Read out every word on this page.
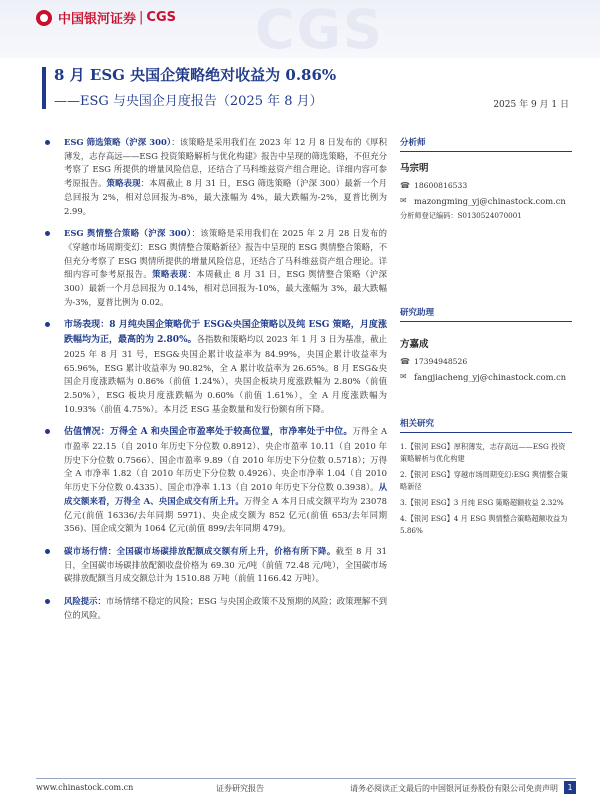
CGS
中国银河证券 | CGS
8 月 ESG 央国企策略绝对收益为 0.86%
——ESG 与央国企月度报告（2025 年 8 月）	2025 年 9 月 1 日
ESG 筛选策略（沪深 300）：该策略是采用我们在 2023 年 12 月 8 日发布的《厚积薄发，志存高远——ESG 投资策略解析与优化构建》报告中呈现的筛选策略，不但充分考察了 ESG 所提供的增量风险信息，还结合了马科维兹资产组合理论。详细内容可参考原报告。策略表现：本周截止 8 月 31 日，ESG 筛选策略（沪深 300）最新一个月总回报为 2%，相对总回报为-8%，最大涨幅为 4%，最大跌幅为-2%，夏普比例为 2.99。
ESG 舆情整合策略（沪深 300）：该策略是采用我们在 2025 年 2 月 28 日发布的《穿越市场周期变幻：ESG 舆情整合策略新径》报告中呈现的 ESG 舆情整合策略，不但充分考察了 ESG 舆情所提供的增量风险信息，还结合了马科维兹资产组合理论。详细内容可参考原报告。策略表现：本周截止 8 月 31 日，ESG 舆情整合策略（沪深 300）最新一个月总回报为 0.14%，相对总回报为-10%，最大涨幅为 3%，最大跌幅为-3%，夏普比例为 0.02。
市场表现：8 月纯央国企策略优于 ESG&央国企策略以及纯 ESG 策略，月度涨跌幅均为正，最高的为 2.80%。各指数和策略均以 2023 年 1 月 3 日为基准，截止 2025 年 8 月 31 号，ESG&央国企累计收益率为 84.99%，央国企累计收益率为 65.96%，ESG 累计收益率为 90.82%，全 A 累计收益率为 26.65%。8 月 ESG&央国企月度涨跌幅为 0.86%（前值 1.24%），央国企板块月度涨跌幅为 2.80%（前值 2.50%），ESG 板块月度涨跌幅为 0.60%（前值 1.61%），全 A 月度涨跌幅为 10.93%（前值 4.75%）。本月泛 ESG 基金数量和发行份额有所下降。
估值情况：万得全 A 和央国企市盈率处于较高位置，市净率处于中位。万得全 A 市盈率 22.15（自 2010 年历史下分位数 0.8912）、央企市盈率 10.11（自 2010 年历史下分位数 0.7566）、国企市盈率 9.89（自 2010 年历史下分位数 0.5718）；万得全 A 市净率 1.82（自 2010 年历史下分位数 0.4926）、央企市净率 1.04（自 2010 年历史下分位数 0.4335）、国企市净率 1.13（自 2010 年历史下分位数 0.3938）。从成交额来看，万得全 A、央国企成交有所上升。万得全 A 本月日成交额平均为 23078 亿元(前值 16336/去年同期 5971)、央企成交额为 852 亿元(前值 653/去年同期 356)、国企成交额为 1064 亿元(前值 899/去年同期 479)。
碳市场行情：全国碳市场碳排放配额成交额有所上升，价格有所下降。截至 8 月 31 日，全国碳市场碳排放配额收盘价格为 69.30 元/吨（前值 72.48 元/吨），全国碳市场碳排放配额当月成交额总计为 1510.88 万吨（前值 1166.42 万吨）。
风险提示：市场情绪不稳定的风险；ESG 与央国企政策不及预期的风险；政策理解不到位的风险。
分析师
马宗明
☎ 18600816533
✉ mazongming_yj@chinastock.com.cn
分析师登记编码：S0130524070001
研究助理
方嘉成
☎ 17394948526
✉ fangjiacheng_yj@chinastock.com.cn
相关研究
1.【银河 ESG】厚积薄发，志存高远——ESG 投资策略解析与优化构建
2.【银河 ESG】穿越市场周期变幻:ESG 舆情整合策略新径
3.【银河 ESG】3 月纯 ESG 策略超额收益 2.32%
4.【银河 ESG】4 月 ESG 舆情整合策略超额收益为 5.86%
www.chinastock.com.cn	证券研究报告	请务必阅读正文最后的中国银河证券股份有限公司免责声明	1
